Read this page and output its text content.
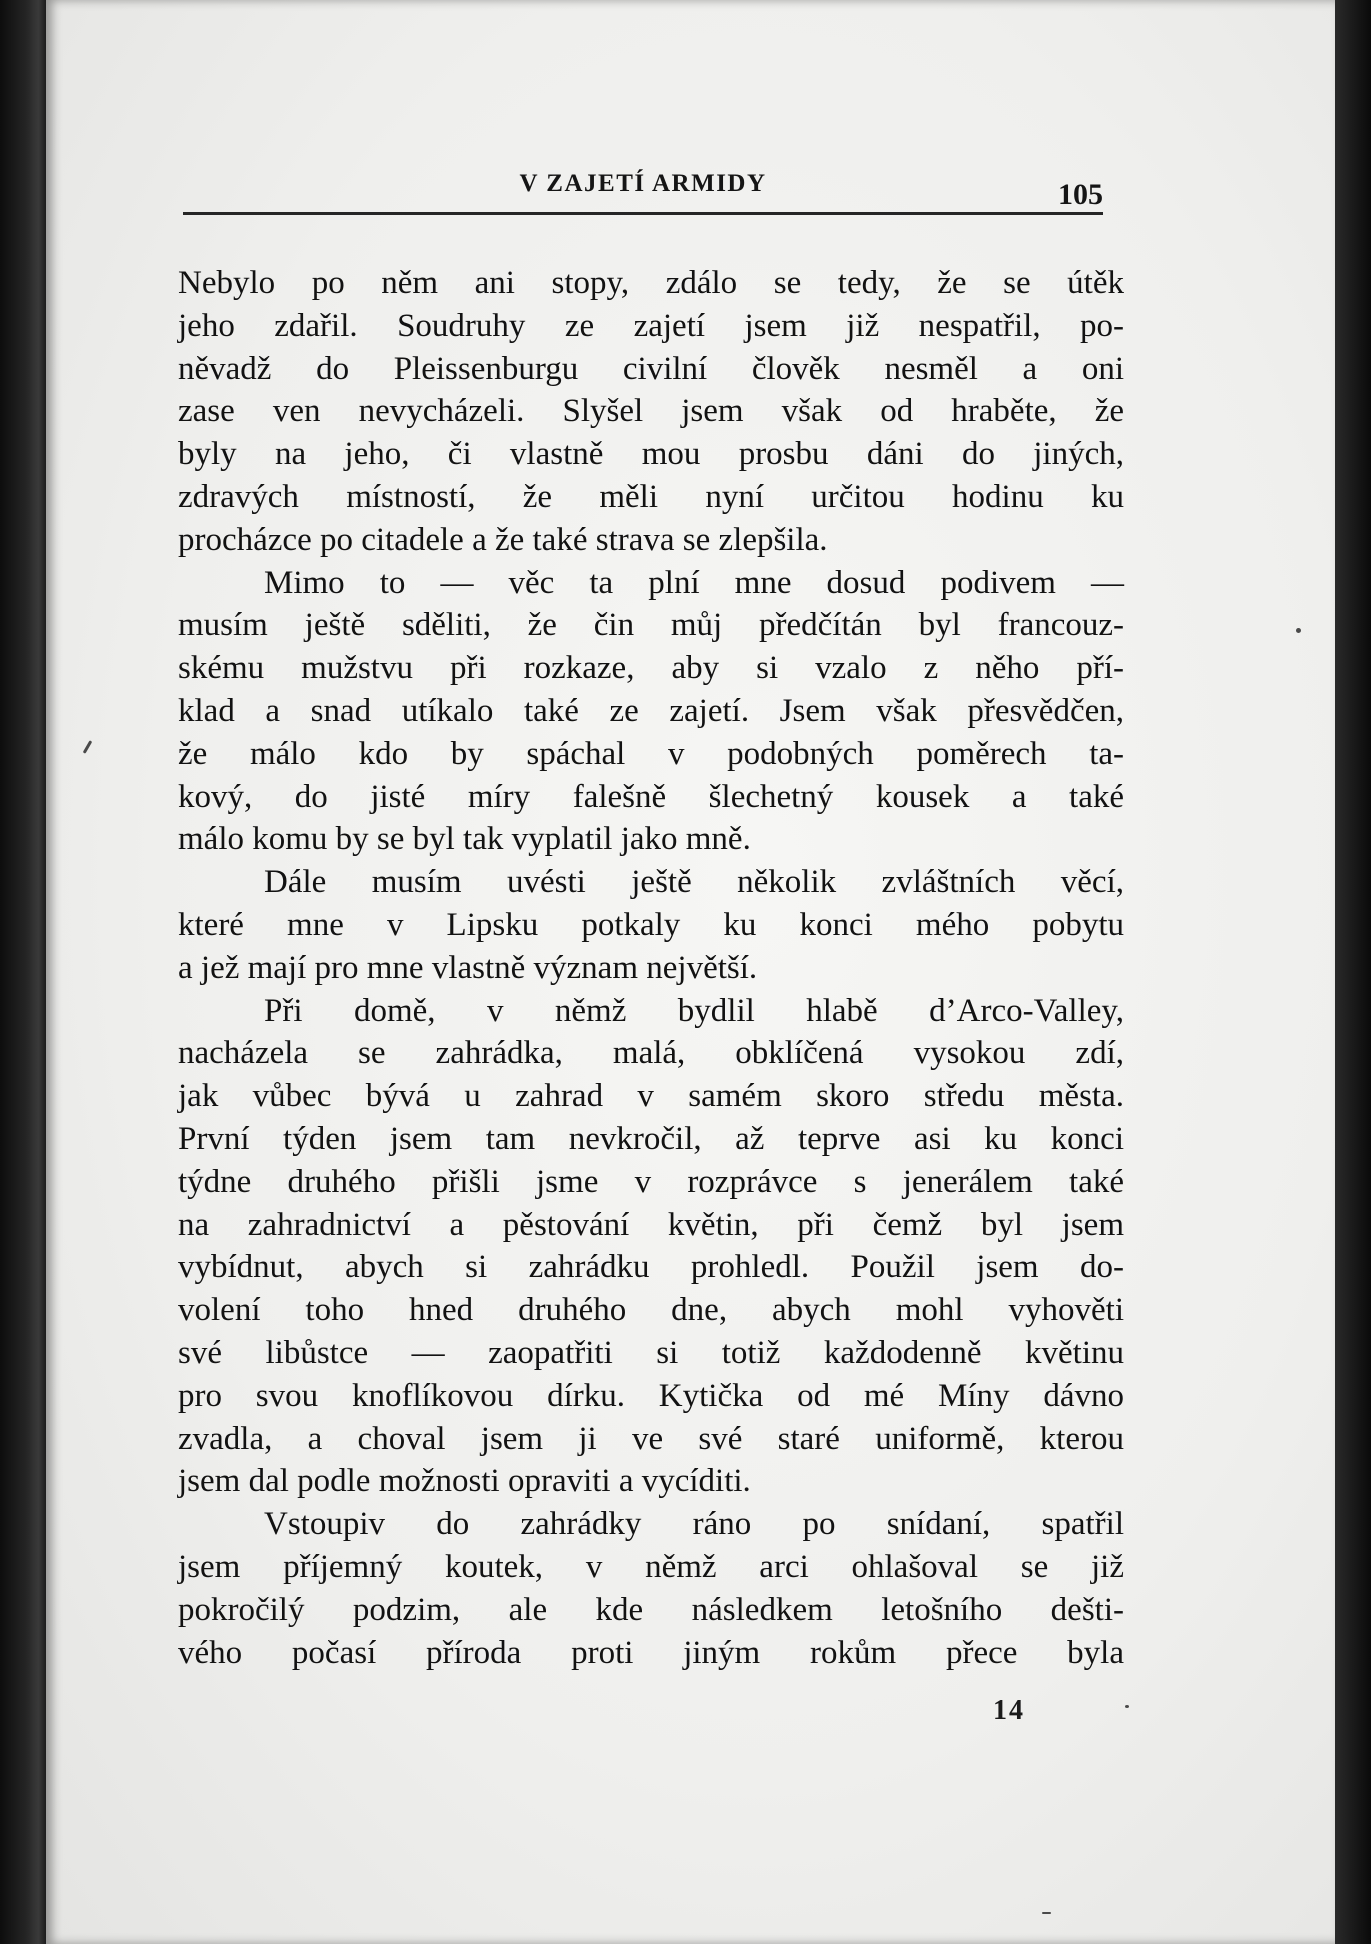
V ZAJETÍ ARMIDY	105
Nebylo po něm ani stopy, zdálo se tedy, že se útěk
jeho zdařil. Soudruhy ze zajetí jsem již nespatřil, po-
něvadž do Pleissenburgu civilní člověk nesměl a oni
zase ven nevycházeli. Slyšel jsem však od hraběte, že
byly na jeho, či vlastně mou prosbu dáni do jiných,
zdravých místností, že měli nyní určitou hodinu ku
procházce po citadele a že také strava se zlepšila.
Mimo to — věc ta plní mne dosud podivem —
musím ještě sděliti, že čin můj předčítán byl francouz-
skému mužstvu při rozkaze, aby si vzalo z něho pří-
klad a snad utíkalo také ze zajetí. Jsem však přesvědčen,
že málo kdo by spáchal v podobných poměrech ta-
kový, do jisté míry falešně šlechetný kousek a také
málo komu by se byl tak vyplatil jako mně.
Dále musím uvésti ještě několik zvláštních věcí,
které mne v Lipsku potkaly ku konci mého pobytu
a jež mají pro mne vlastně význam největší.
Při domě, v němž bydlil hlabě d’Arco-Valley,
nacházela se zahrádka, malá, obklíčená vysokou zdí,
jak vůbec bývá u zahrad v samém skoro středu města.
První týden jsem tam nevkročil, až teprve asi ku konci
týdne druhého přišli jsme v rozprávce s jenerálem také
na zahradnictví a pěstování květin, při čemž byl jsem
vybídnut, abych si zahrádku prohledl. Použil jsem do-
volení toho hned druhého dne, abych mohl vyhověti
své libůstce — zaopatřiti si totiž každodenně květinu
pro svou knoflíkovou dírku. Kytička od mé Míny dávno
zvadla, a choval jsem ji ve své staré uniformě, kterou
jsem dal podle možnosti opraviti a vycíditi.
Vstoupiv do zahrádky ráno po snídaní, spatřil
jsem příjemný koutek, v němž arci ohlašoval se již
pokročilý podzim, ale kde následkem letošního dešti-
vého počasí příroda proti jiným rokům přece byla
14
